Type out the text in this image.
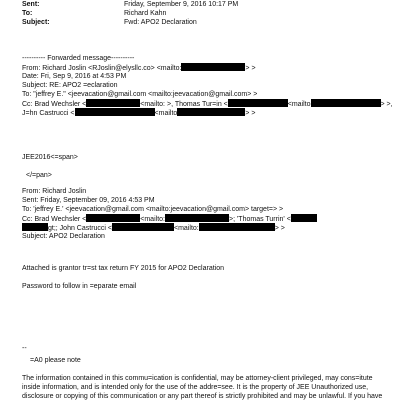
Sent:	Friday, September 9, 2016 10:17 PM
To:	Richard Kahn
Subject:	Fwd: APO2 Declaration
---------- Forwarded message----------
From: Richard Joslin <RJoslin@elysllc.co> <mailto:	> >
Date: Fri, Sep 9, 2016 at 4:53 PM
Subject: RE: APO2 =eclaration
To: "jeffrey E." <jeevacation@gmail.com <mailto:jeevacation@gmail.com> >
Cc: Brad Wechsler <	<mailto: >, Thomas Tur=in <	<mailto	> >,
J=hn Castrucci <	<mailto	> >
JEE2016<=span>
</=pan>
From: Richard Joslin
Sent: Friday, September 09, 2016 4:53 PM
To: 'jeffrey E.' <jeevacation@gmail.com <mailto:jeevacation@gmail.com> target=> >
Cc: Brad Wechsler <	<mailto:	>; 'Thomas Turrin' <
gt;; John Castrucci <	<mailto:	> >
Subject: APO2 Declaration
Attached is grantor tr=st tax return FY 2015 for APO2 Declaration
Password to follow in =eparate email
--
=A0 please note
The information contained in this commu=ication is confidential, may be attorney-client privileged, may cons=itute
inside information, and is intended only for the use of the addre=see. It is the property of JEE Unauthorized use,
disclosure or copying of this communication or any part thereof is strictly prohibited and may be unlawful. If you have
